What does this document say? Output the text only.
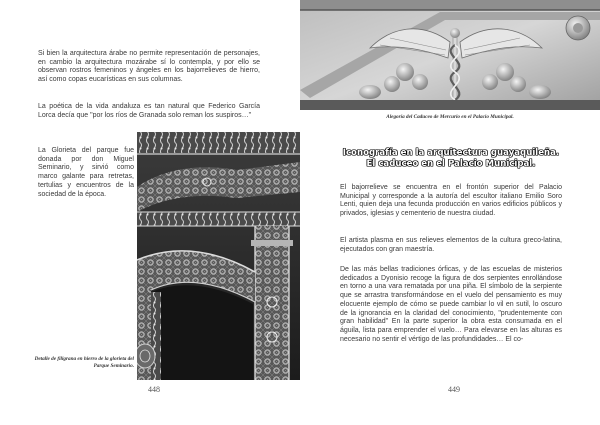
Si bien la arquitectura árabe no permite representación de personajes, en cambio la arquitectura mozárabe sí lo contempla, y por ello se observan rostros femeninos y ángeles en los bajorrelieves de hierro, así como copas eucarísticas en sus columnas.

La poética de la vida andaluza es tan natural que Federico García Lorca decía que "por los ríos de Granada solo reman los suspiros…"

La Glorieta del parque fue donada por don Miguel Seminario, y sirvió como marco galante para retretas, tertulias y encuentros de la sociedad de la época.

Detalle de filigrana en hierro de la glorieta del Parque Seminario.

448

Alegoría del Caduceo de Mercurio en el Palacio Municipal.

Iconografía en la arquitectura guayaquileña.
El caduceo en el Palacio Municipal.

El bajorrelieve se encuentra en el frontón superior del Palacio Municipal y corresponde a la autoría del escultor italiano Emilio Soro Lenti, quien deja una fecunda producción en varios edificios públicos y privados, iglesias y cementerio de nuestra ciudad.

El artista plasma en sus relieves elementos de la cultura greco-latina, ejecutados con gran maestría.

De las más bellas tradiciones órficas, y de las escuelas de misterios dedicados a Dyonisio recoge la figura de dos serpientes enrollándose en torno a una vara rematada por una piña. El símbolo de la serpiente que se arrastra transformándose en el vuelo del pensamiento es muy elocuente ejemplo de cómo se puede cambiar lo vil en sutil, lo oscuro de la ignorancia en la claridad del conocimiento, "prudentemente con gran habilidad" En la parte superior la obra esta consumada en el águila, lista para emprender el vuelo… Para elevarse en las alturas es necesario no sentir el vértigo de las profundidades… El co-

449
